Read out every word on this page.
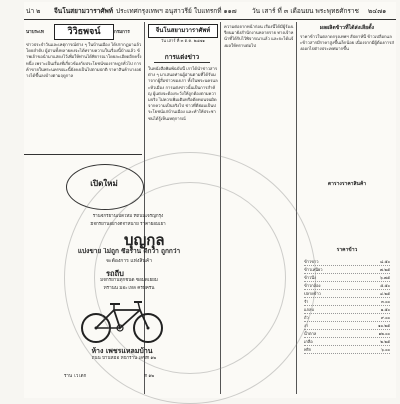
น่า ๒ จีนโนสยามวาราศัพท์ ประเทศกรุงเทพฯ อนุสาวรีย์ ใบแทรกที่ ๑๑๗ วัน เสาร์ ที่ ๓ เดือนยน พระพุทธศักราช ๒๔๗๑
วิวิธพจน์
นำประเท	กรมการ
ข่าวประจำวันและเหตุการณ์ต่าง ๆ ในบ้านเมือง ได้ปรากฏมาแล้วโดยลำดับ ผู้อ่านทั้งหลายคงจะได้ทราบความในเรื่องนี้บ้างแล้ว ข้าพเจ้าขอนำมาแสดงไว้เพื่อให้ท่านได้พิจารณาโดยละเอียดอีกครั้งหนึ่ง เพราะเป็นเรื่องที่เกี่ยวข้องกับประโยชน์ของราษฎรทั่วไป การค้าขายในพระนครขณะนี้ยังคงเป็นไปตามปกติ ราคาสินค้าบางอย่างได้ขึ้นลงบ้างตามฤดูกาล
จีนโนสยามวาราศัพท์
วัน เสาร์ ที่ ๓ ต.ค. ๒๔๗๑
การแต่งข่าว
ในหนังสือพิมพ์ฉบับนี้ เราได้นำข่าวสารต่าง ๆ มาเสนอท่านผู้อ่านตามที่ได้รับมาจากผู้สื่อข่าวของเรา ทั้งในพระนครและหัวเมือง การแต่งข่าวนั้นเป็นการสำคัญ ผู้แต่งจะต้องระวังให้ถูกต้องตามความจริง ไม่ควรเพิ่มเติมหรือตัดทอนจนผิดจากความเป็นจริงไป ข่าวที่ดีย่อมเป็นประโยชน์แก่บ้านเมือง และทำให้ประชาชนได้รู้เห็นเหตุการณ์
ความต่อจากหน้าก่อน เรื่องนี้ได้มีผู้ร้องเรียนมายังสำนักงานหลายราย ทางเจ้าหน้าที่ได้รับไว้พิจารณาแล้ว และจะได้แจ้งผลให้ทราบต่อไป
ผลผลิตข้าวที่ได้ส่งเสียตั้ง
ราคาข้าวในตลาดกรุงเทพฯ สัปดาห์นี้ ข้าวเปลือกและข้าวสารมีราคาสูงขึ้นเล็กน้อย เนื่องจากมีผู้ต้องการส่งออกไปต่างประเทศมากขึ้น
ตารางราคาสินค้า
ราคาข้าว
ข้าวขาว	๘.๕๐
ข้าวเหนียว	๗.๒๕
ข้าวนึ่ง	๖.๗๕
ข้าวกล้อง	๕.๕๐
ปลายข้าว	๔.๒๕
รำ	๓.๐๐
แกลบ	๑.๕๐
ถั่ว	๙.๐๐
งา	๑๐.๒๕
น้ำตาล	๑๒.๐๐
เกลือ	๒.๒๕
พริก	๖.๐๐
เปิดใหม่
ร้านจักรยานเปิดใหม่ ที่ถนนเจริญกรุง
มีจักรยานอย่างดีจำหน่าย ราคาย่อมเยา
บุญกุล
แบ่งขาย ไม่ถูก ซื้อร้าน ดีกว่า ถูกกว่า
จะต้องการ แห่งสินค้า
รถถีบ
มีจักรยานทุกชนิด ซ่อมดีเยี่ยม
ที่ร้านนี้ มีอะไหล่ ครบครัน
ห้าง เพชรแหลมบ้าน
ถนน บ้านหม้อ หน้าร้าน เลขที่ ๑๒
ร้าน ไวโตก	ที่ ๑๒
